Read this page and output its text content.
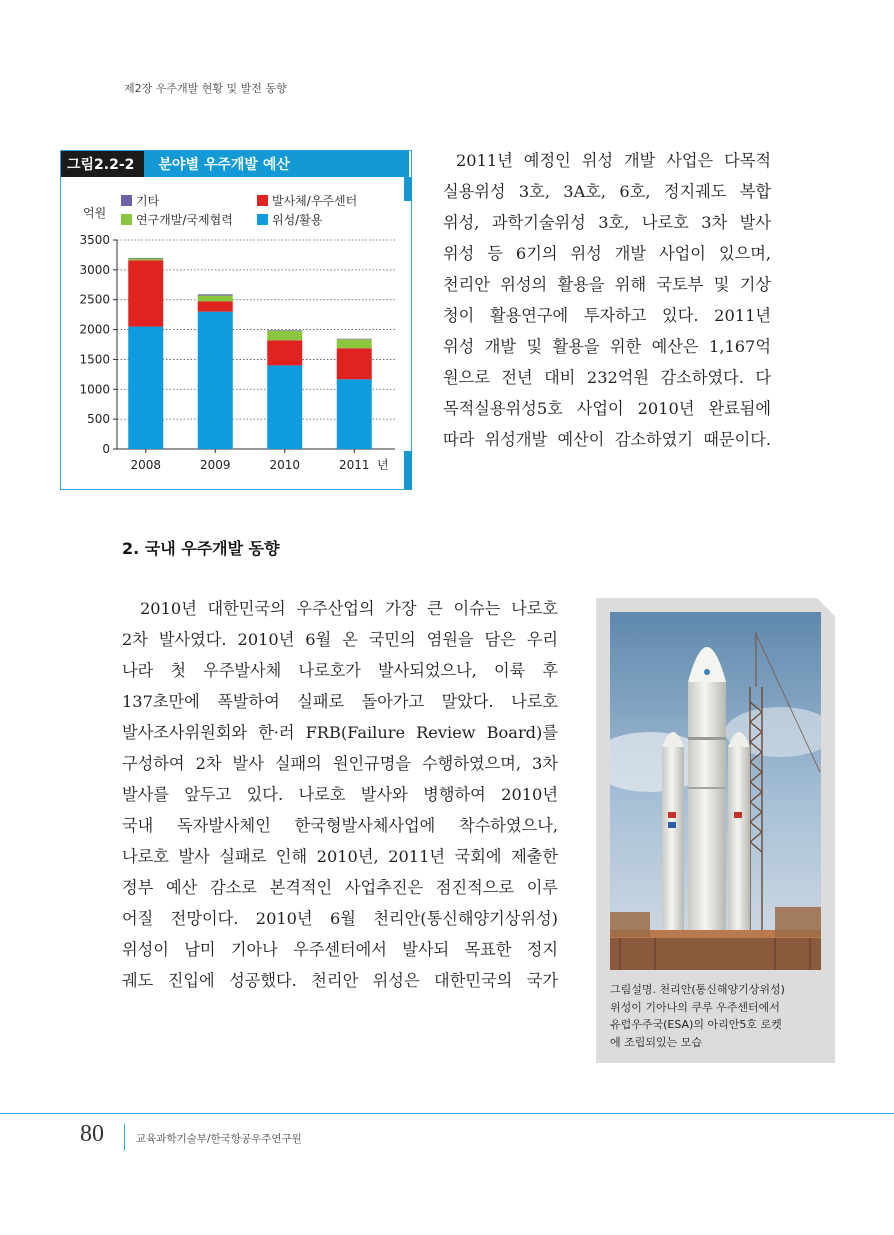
제2장 우주개발 현황 및 발전 동향
그림2.2-2	분야별 우주개발 예산
0
500
1000
1500
2000
2500
3000
3500
억원
2008	2009	2010	2011 년
기타	발사체/우주센터
연구개발/국제협력	위성/활용
2011년 예정인 위성 개발 사업은 다목적
실용위성 3호, 3A호, 6호, 정지궤도 복합
위성, 과학기술위성 3호, 나로호 3차 발사
위성 등 6기의 위성 개발 사업이 있으며,
천리안 위성의 활용을 위해 국토부 및 기상
청이 활용연구에 투자하고 있다. 2011년
위성 개발 및 활용을 위한 예산은 1,167억
원으로 전년 대비 232억원 감소하였다. 다
목적실용위성5호 사업이 2010년 완료됨에
따라 위성개발 예산이 감소하였기 때문이다.
2. 국내 우주개발 동향
2010년 대한민국의 우주산업의 가장 큰 이슈는 나로호
2차 발사였다. 2010년 6월 온 국민의 염원을 담은 우리
나라 첫 우주발사체 나로호가 발사되었으나, 이륙 후
137초만에 폭발하여 실패로 돌아가고 말았다. 나로호
발사조사위원회와 한·러 FRB(Failure Review Board)를
구성하여 2차 발사 실패의 원인규명을 수행하였으며, 3차
발사를 앞두고 있다. 나로호 발사와 병행하여 2010년
국내 독자발사체인 한국형발사체사업에 착수하였으나,
나로호 발사 실패로 인해 2010년, 2011년 국회에 제출한
정부 예산 감소로 본격적인 사업추진은 점진적으로 이루
어질 전망이다. 2010년 6월 천리안(통신해양기상위성)
위성이 남미 기아나 우주센터에서 발사되 목표한 정지
궤도 진입에 성공했다. 천리안 위성은 대한민국의 국가	그림설명. 천리안(통신해양기상위성)
위성이 기아나의 쿠루 우주센터에서
유럽우주국(ESA)의 아리안5호 로켓
에 조립되있는 모습
80	교육과학기술부/한국항공우주연구원
